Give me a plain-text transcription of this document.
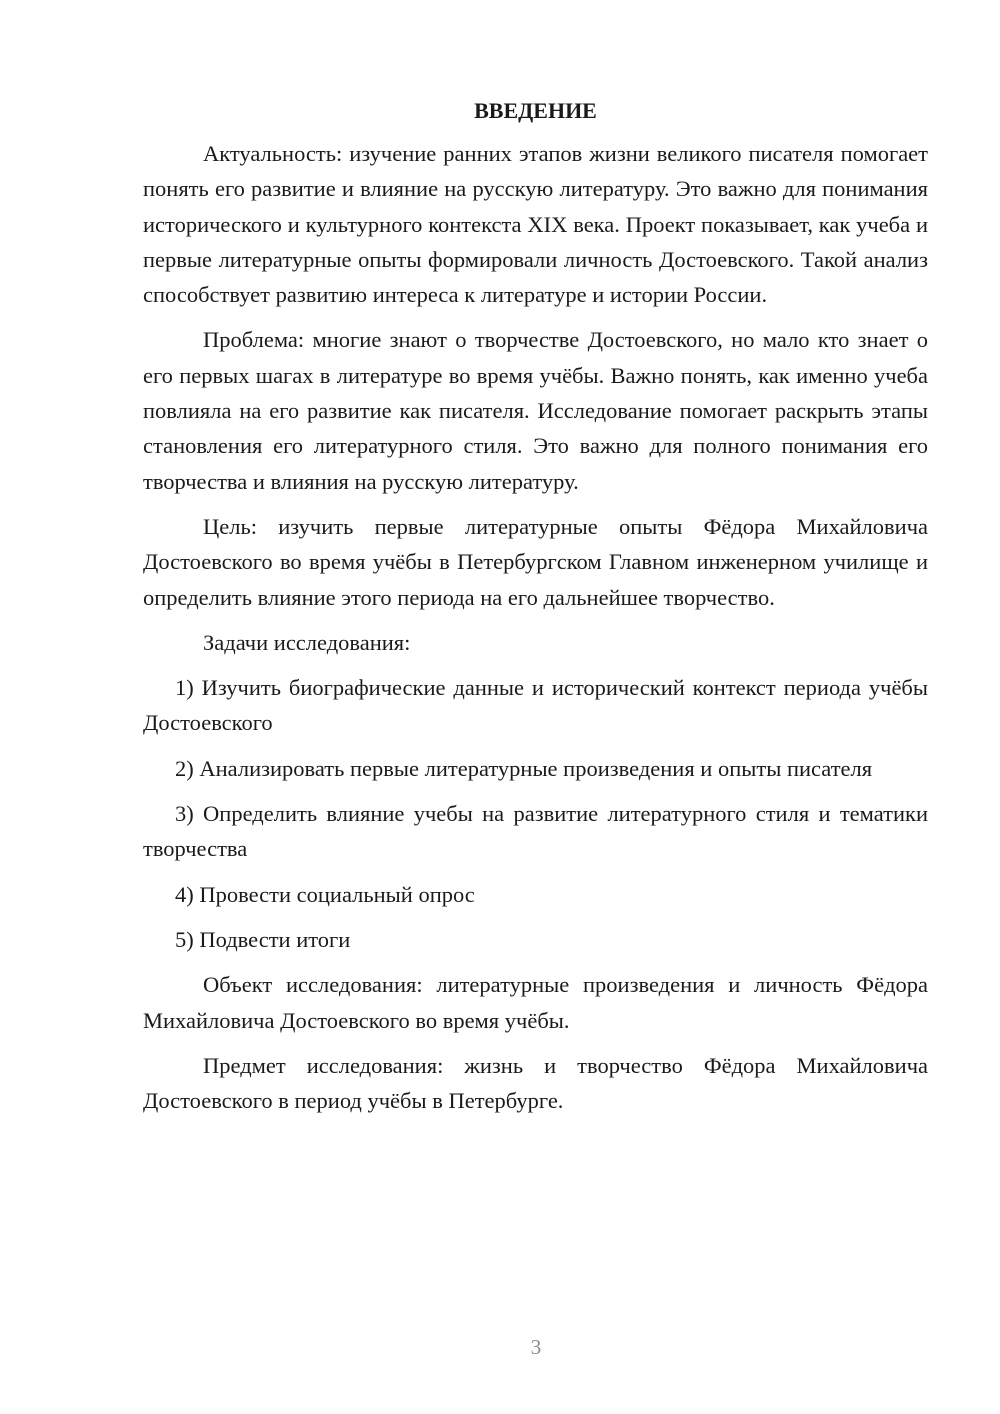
ВВЕДЕНИЕ

Актуальность: изучение ранних этапов жизни великого писателя помогает понять его развитие и влияние на русскую литературу. Это важно для понимания исторического и культурного контекста XIX века. Проект показывает, как учеба и первые литературные опыты формировали личность Достоевского. Такой анализ способствует развитию интереса к литературе и истории России.

Проблема: многие знают о творчестве Достоевского, но мало кто знает о его первых шагах в литературе во время учёбы. Важно понять, как именно учеба повлияла на его развитие как писателя. Исследование помогает раскрыть этапы становления его литературного стиля. Это важно для полного понимания его творчества и влияния на русскую литературу.

Цель: изучить первые литературные опыты Фёдора Михайловича Достоевского во время учёбы в Петербургском Главном инженерном училище и определить влияние этого периода на его дальнейшее творчество.

Задачи исследования:

1) Изучить биографические данные и исторический контекст периода учёбы Достоевского

2) Анализировать первые литературные произведения и опыты писателя

3) Определить влияние учебы на развитие литературного стиля и тематики творчества

4) Провести социальный опрос

5) Подвести итоги

Объект исследования: литературные произведения и личность Фёдора Михайловича Достоевского во время учёбы.

Предмет исследования: жизнь и творчество Фёдора Михайловича Достоевского в период учёбы в Петербурге.

3
